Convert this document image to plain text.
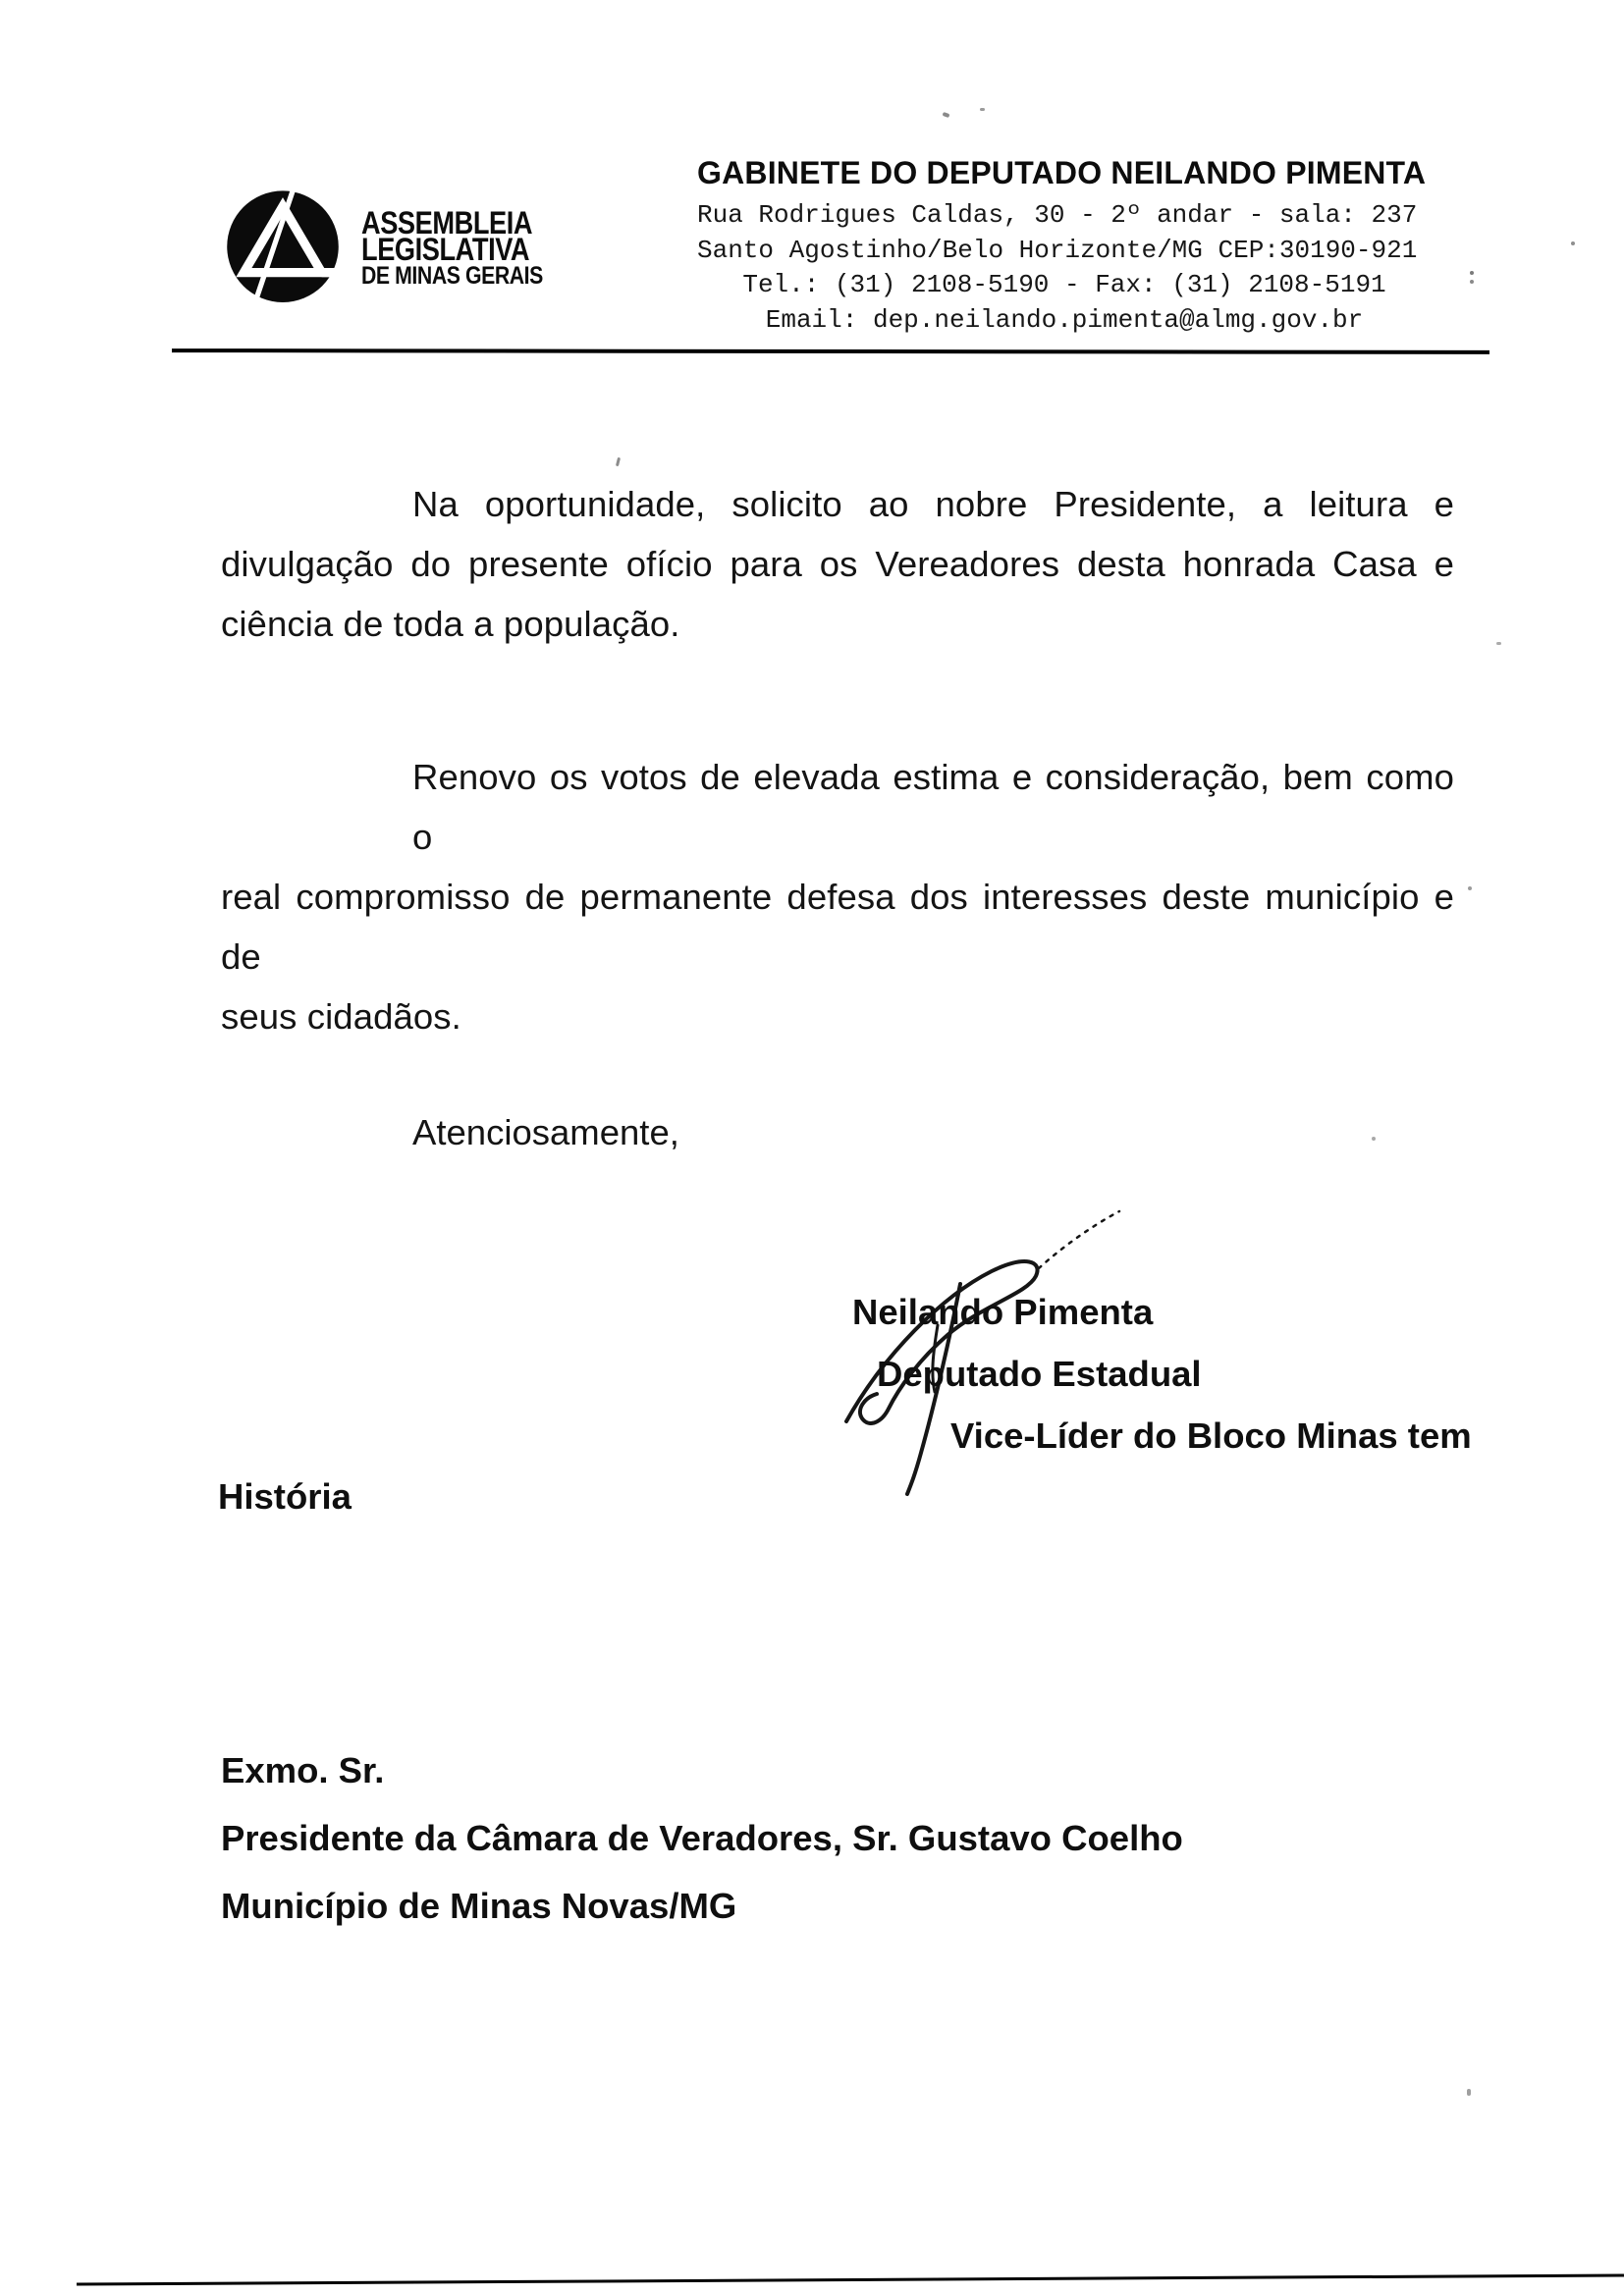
ASSEMBLEIA
LEGISLATIVA
DE MINAS GERAIS
GABINETE DO DEPUTADO NEILANDO PIMENTA
Rua Rodrigues Caldas, 30 - 2º andar - sala: 237
Santo Agostinho/Belo Horizonte/MG CEP:30190-921
Tel.: (31) 2108-5190 - Fax: (31) 2108-5191
Email: dep.neilando.pimenta@almg.gov.br
Na oportunidade, solicito ao nobre Presidente, a leitura e
divulgação do presente ofício para os Vereadores desta honrada Casa e
ciência de toda a população.
Renovo os votos de elevada estima e consideração, bem como o
real compromisso de permanente defesa dos interesses deste município e de
seus cidadãos.
Atenciosamente,
Neilando Pimenta
Deputado Estadual
Vice-Líder do Bloco Minas tem
História
Exmo. Sr.
Presidente da Câmara de Veradores, Sr. Gustavo Coelho
Município de Minas Novas/MG
